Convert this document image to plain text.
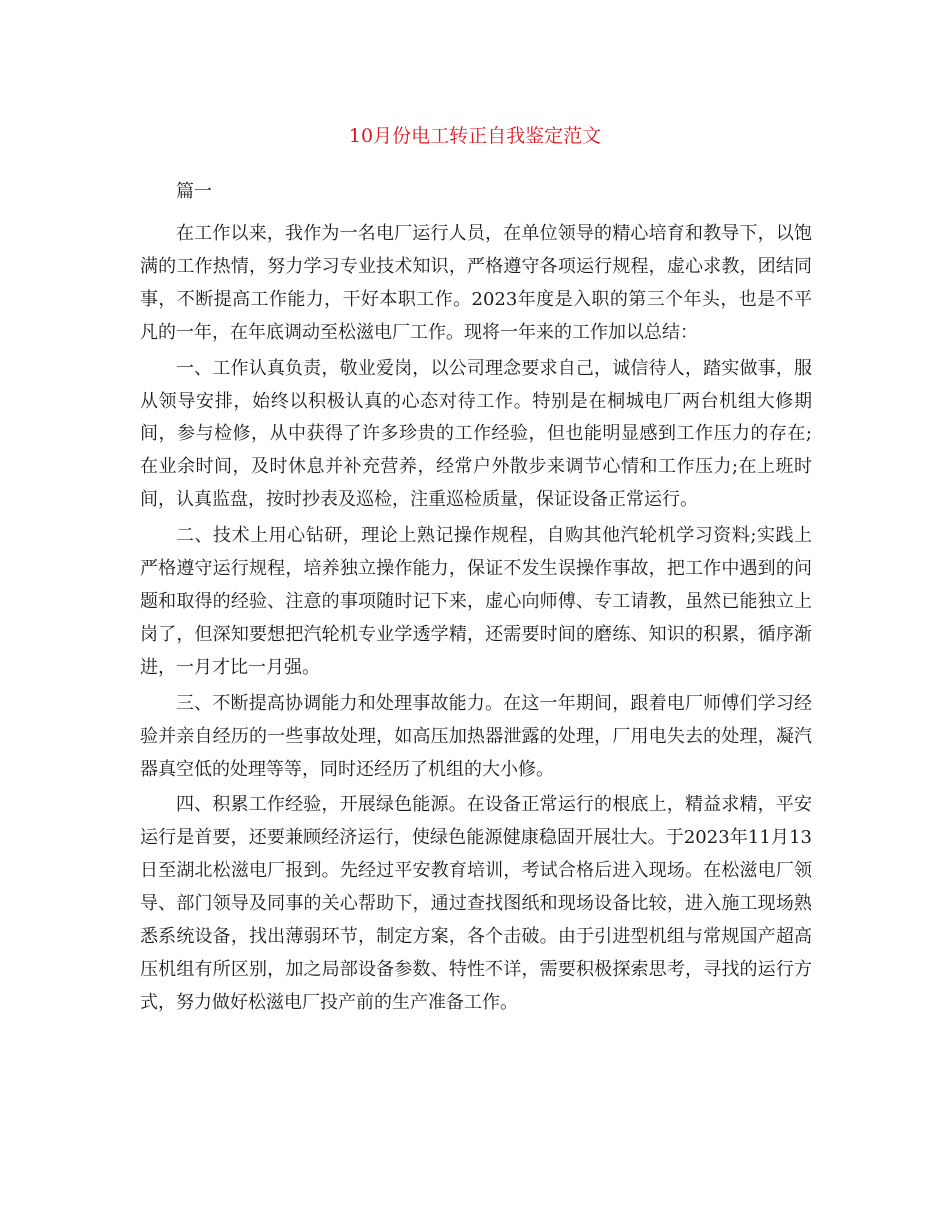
10月份电工转正自我鉴定范文

篇一

在工作以来，我作为一名电厂运行人员，在单位领导的精心培育和教导下，以饱满的工作热情，努力学习专业技术知识，严格遵守各项运行规程，虚心求教，团结同事，不断提高工作能力，干好本职工作。2023年度是入职的第三个年头，也是不平凡的一年，在年底调动至松滋电厂工作。现将一年来的工作加以总结：

一、工作认真负责，敬业爱岗，以公司理念要求自己，诚信待人，踏实做事，服从领导安排，始终以积极认真的心态对待工作。特别是在桐城电厂两台机组大修期间，参与检修，从中获得了许多珍贵的工作经验，但也能明显感到工作压力的存在;在业余时间，及时休息并补充营养，经常户外散步来调节心情和工作压力;在上班时间，认真监盘，按时抄表及巡检，注重巡检质量，保证设备正常运行。

二、技术上用心钻研，理论上熟记操作规程，自购其他汽轮机学习资料;实践上严格遵守运行规程，培养独立操作能力，保证不发生误操作事故，把工作中遇到的问题和取得的经验、注意的事项随时记下来，虚心向师傅、专工请教，虽然已能独立上岗了，但深知要想把汽轮机专业学透学精，还需要时间的磨练、知识的积累，循序渐进，一月才比一月强。

三、不断提高协调能力和处理事故能力。在这一年期间，跟着电厂师傅们学习经验并亲自经历的一些事故处理，如高压加热器泄露的处理，厂用电失去的处理，凝汽器真空低的处理等等，同时还经历了机组的大小修。

四、积累工作经验，开展绿色能源。在设备正常运行的根底上，精益求精，平安运行是首要，还要兼顾经济运行，使绿色能源健康稳固开展壮大。于2023年11月13日至湖北松滋电厂报到。先经过平安教育培训，考试合格后进入现场。在松滋电厂领导、部门领导及同事的关心帮助下，通过查找图纸和现场设备比较，进入施工现场熟悉系统设备，找出薄弱环节，制定方案，各个击破。由于引进型机组与常规国产超高压机组有所区别，加之局部设备参数、特性不详，需要积极探索思考，寻找的运行方式，努力做好松滋电厂投产前的生产准备工作。
